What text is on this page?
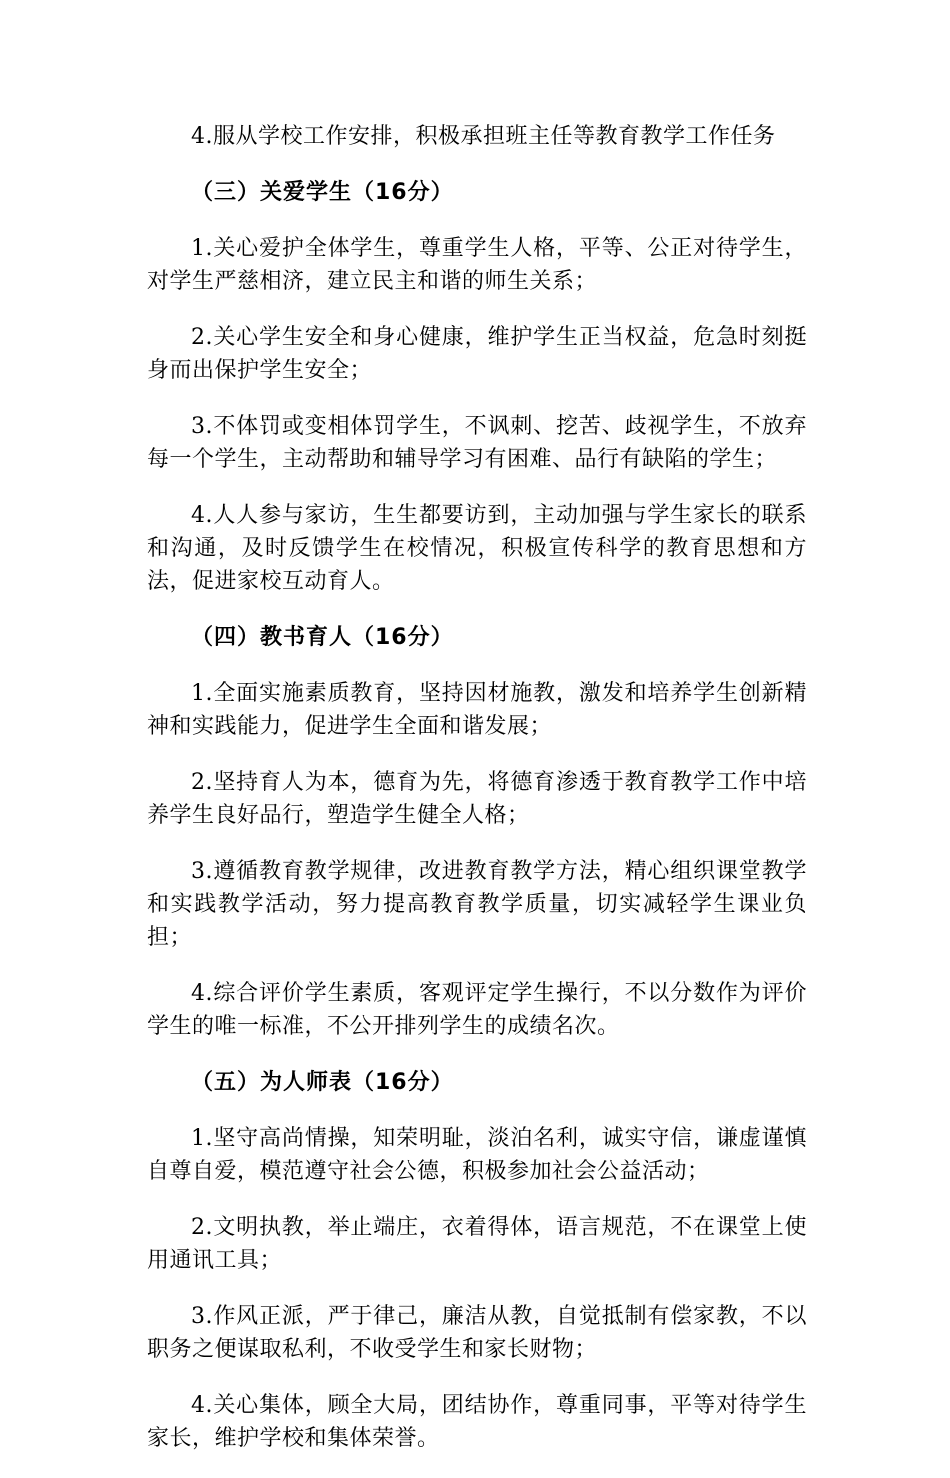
4.服从学校工作安排，积极承担班主任等教育教学工作任务

（三）关爱学生（16分）

1.关心爱护全体学生，尊重学生人格，平等、公正对待学生，对学生严慈相济，建立民主和谐的师生关系；

2.关心学生安全和身心健康，维护学生正当权益，危急时刻挺身而出保护学生安全；

3.不体罚或变相体罚学生，不讽刺、挖苦、歧视学生，不放弃每一个学生，主动帮助和辅导学习有困难、品行有缺陷的学生；

4.人人参与家访，生生都要访到，主动加强与学生家长的联系和沟通，及时反馈学生在校情况，积极宣传科学的教育思想和方法，促进家校互动育人。

（四）教书育人（16分）

1.全面实施素质教育，坚持因材施教，激发和培养学生创新精神和实践能力，促进学生全面和谐发展；

2.坚持育人为本，德育为先，将德育渗透于教育教学工作中培养学生良好品行，塑造学生健全人格；

3.遵循教育教学规律，改进教育教学方法，精心组织课堂教学和实践教学活动，努力提高教育教学质量，切实减轻学生课业负担；

4.综合评价学生素质，客观评定学生操行，不以分数作为评价学生的唯一标准，不公开排列学生的成绩名次。

（五）为人师表（16分）

1.坚守高尚情操，知荣明耻，淡泊名利，诚实守信，谦虚谨慎自尊自爱，模范遵守社会公德，积极参加社会公益活动；

2.文明执教，举止端庄，衣着得体，语言规范，不在课堂上使用通讯工具；

3.作风正派，严于律己，廉洁从教，自觉抵制有偿家教，不以职务之便谋取私利，不收受学生和家长财物；

4.关心集体，顾全大局，团结协作，尊重同事，平等对待学生家长，维护学校和集体荣誉。
